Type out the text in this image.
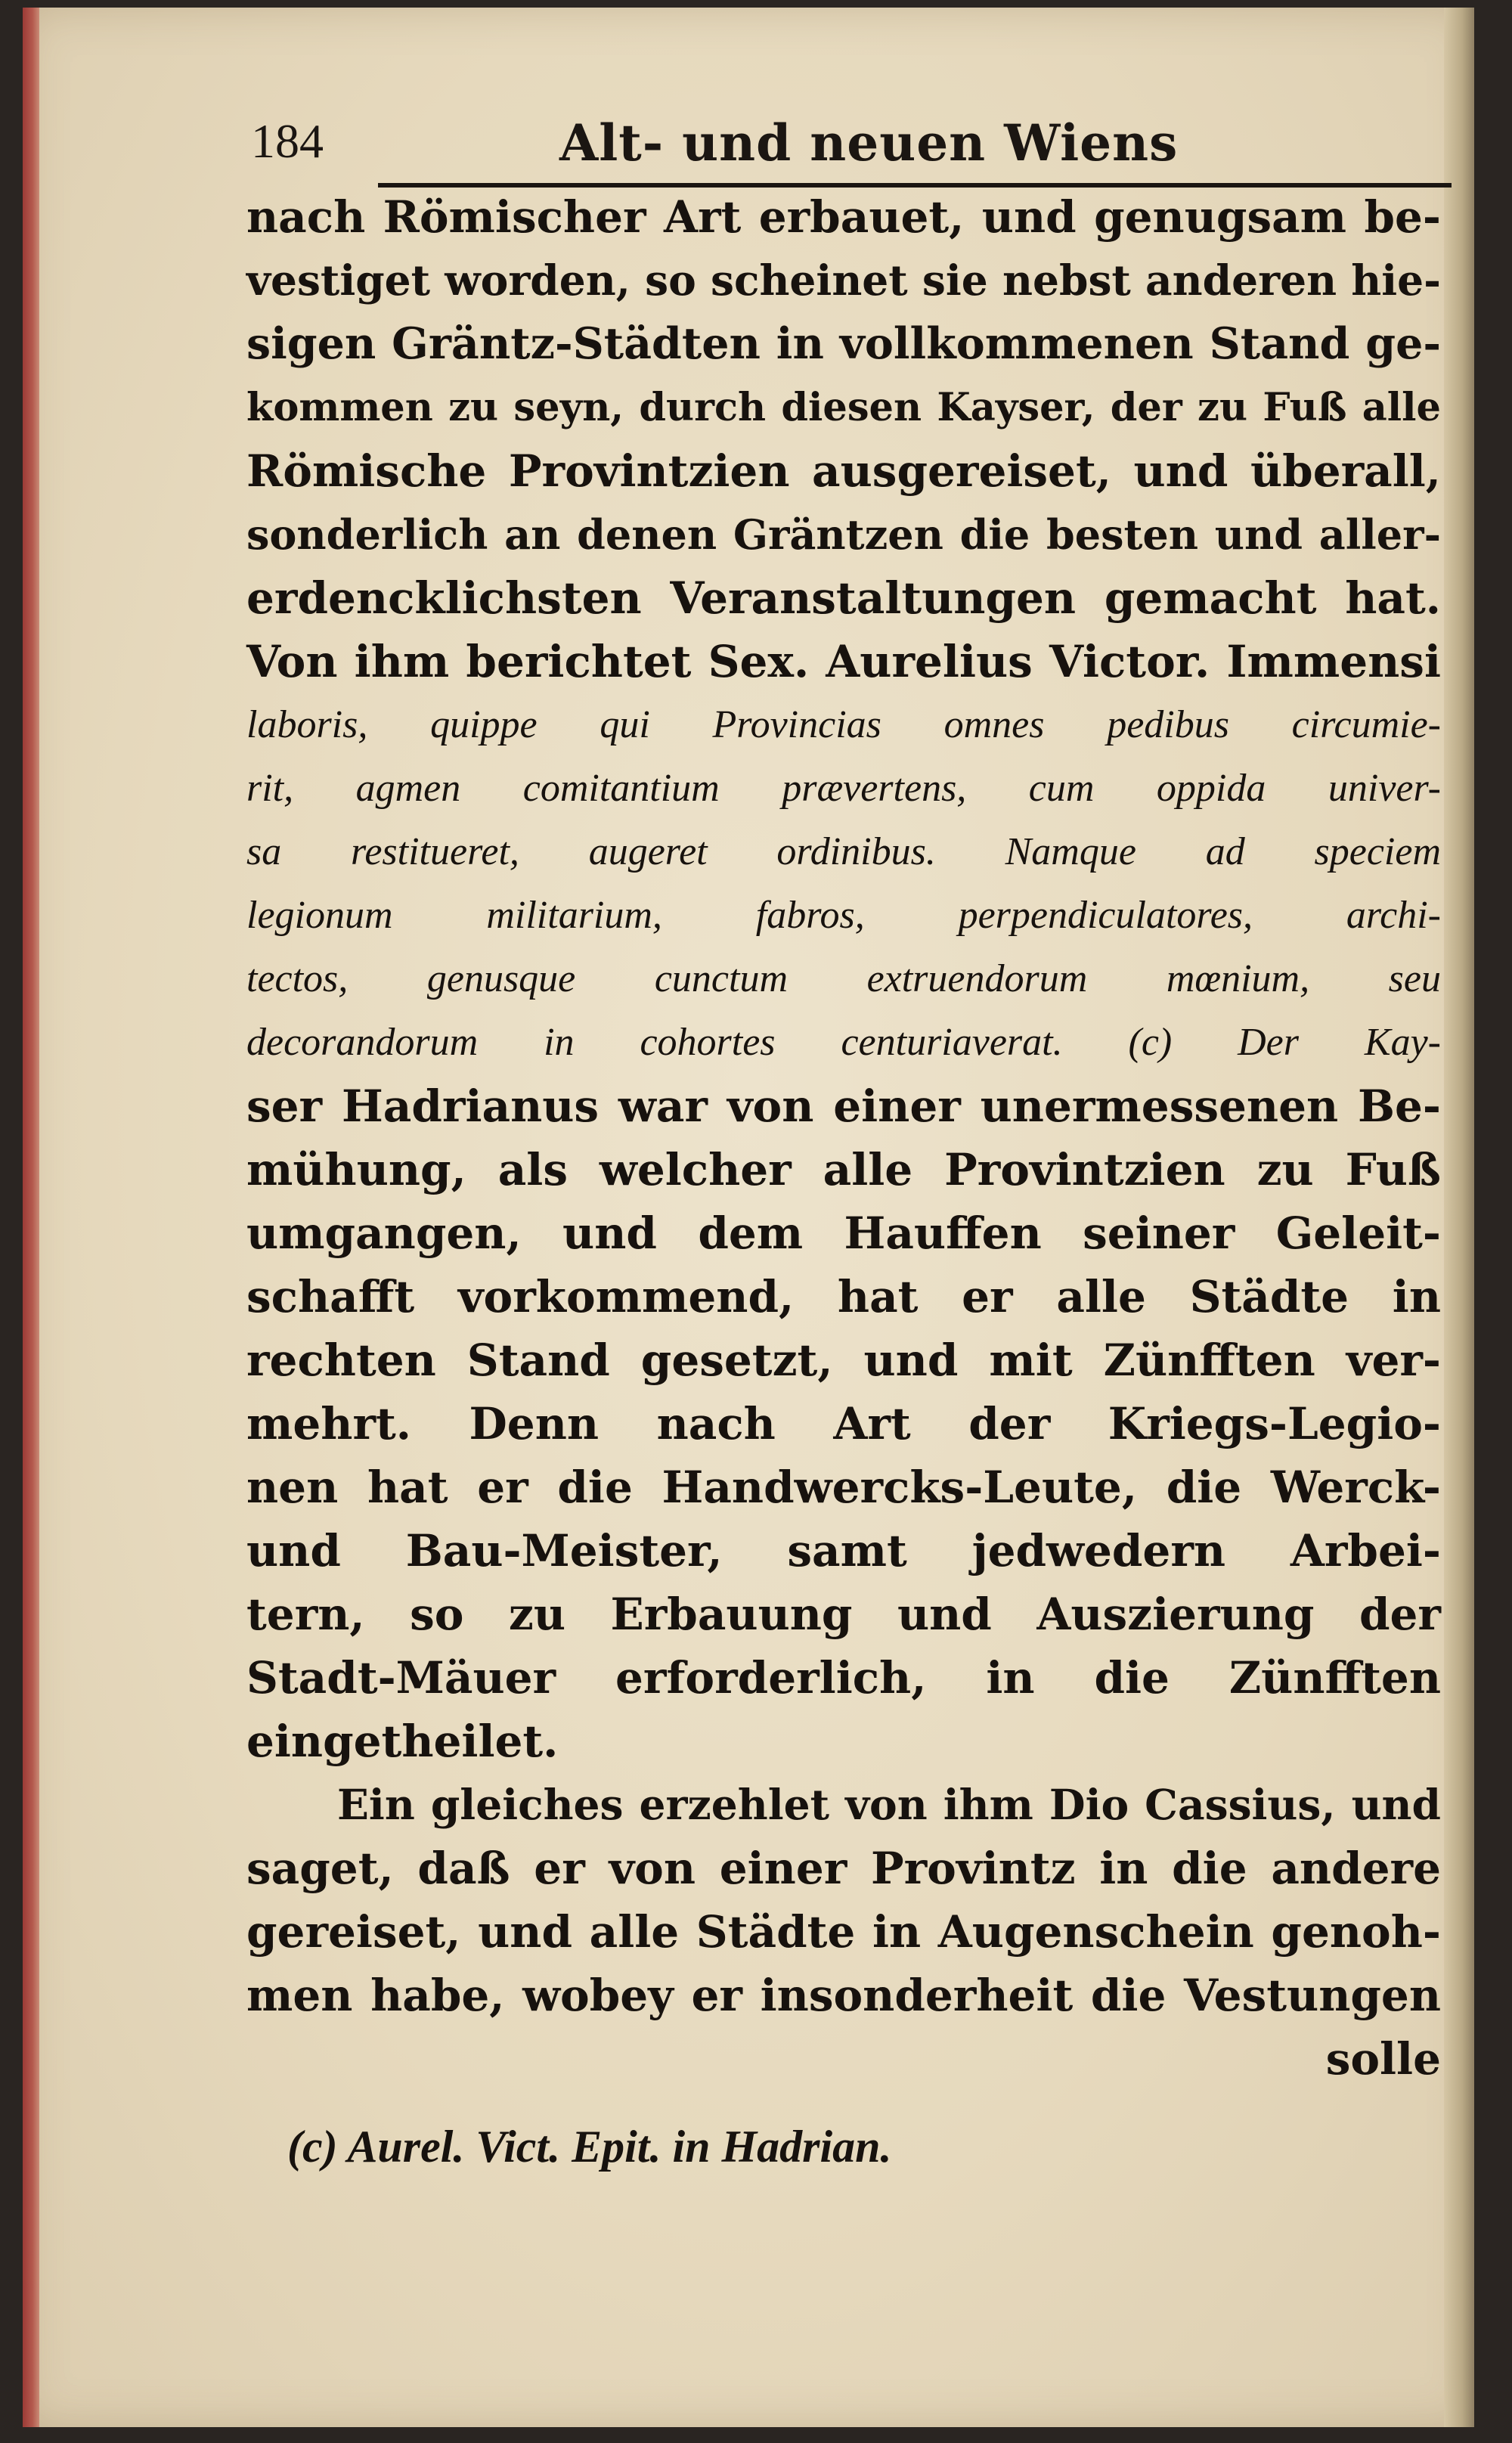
184	Alt- und neuen Wiens
nach Römischer Art erbauet, und genugsam be-
vestiget worden, so scheinet sie nebst anderen hie-
sigen Gräntz-Städten in vollkommenen Stand ge-
kommen zu seyn, durch diesen Kayser, der zu Fuß alle
Römische Provintzien ausgereiset, und überall,
sonderlich an denen Gräntzen die besten und aller-
erdencklichsten Veranstaltungen gemacht hat.
Von ihm berichtet Sex. Aurelius Victor. Immensi
laboris, quippe qui Provincias omnes pedibus circumie-
rit, agmen comitantium prævertens, cum oppida univer-
sa restitueret, augeret ordinibus. Namque ad speciem
legionum militarium, fabros, perpendiculatores, archi-
tectos, genusque cunctum extruendorum mœnium, seu
decorandorum in cohortes centuriaverat. (c) Der Kay-
ser Hadrianus war von einer unermessenen Be-
mühung, als welcher alle Provintzien zu Fuß
umgangen, und dem Hauffen seiner Geleit-
schafft vorkommend, hat er alle Städte in
rechten Stand gesetzt, und mit Zünfften ver-
mehrt. Denn nach Art der Kriegs-Legio-
nen hat er die Handwercks-Leute, die Werck-
und Bau-Meister, samt jedwedern Arbei-
tern, so zu Erbauung und Auszierung der
Stadt-Mäuer erforderlich, in die Zünfften
eingetheilet.
Ein gleiches erzehlet von ihm Dio Cassius, und
saget, daß er von einer Provintz in die andere
gereiset, und alle Städte in Augenschein genoh-
men habe, wobey er insonderheit die Vestungen
solle
(c) Aurel. Vict. Epit. in Hadrian.
